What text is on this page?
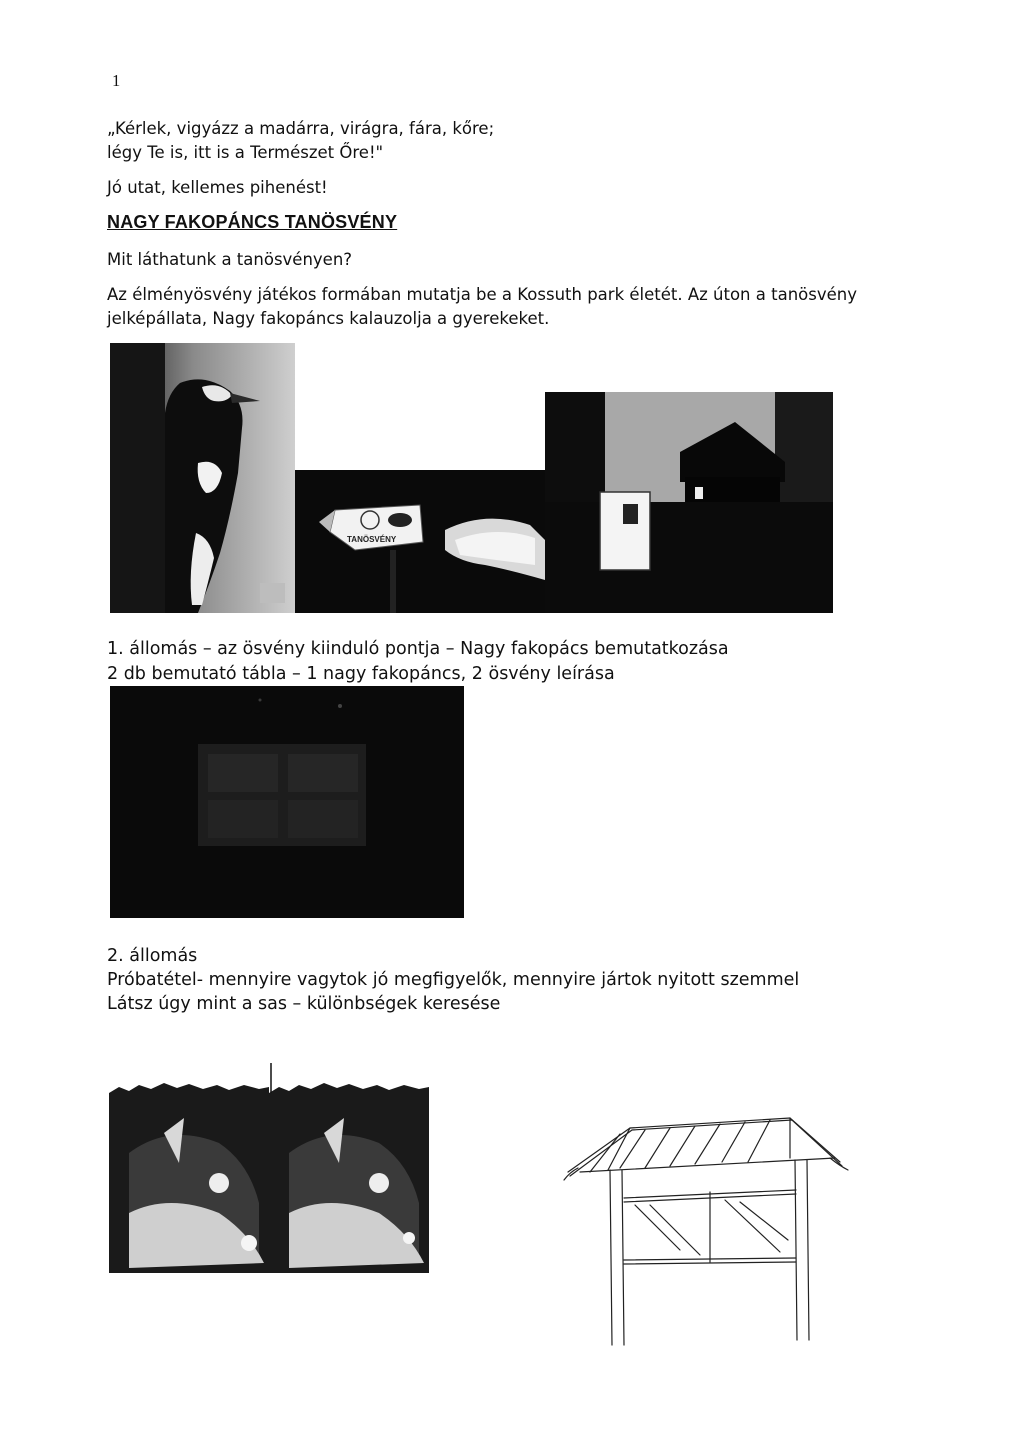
1

„Kérlek, vigyázz a madárra, virágra, fára, kőre;

légy Te is, itt is a Természet Őre!"

Jó utat, kellemes pihenést!

NAGY FAKOPÁNCS TANÖSVÉNY

Mit láthatunk a tanösvényen?

Az élményösvény játékos formában mutatja be a Kossuth park életét. Az úton a tanösvény

jelképállata, Nagy fakopáncs kalauzolja a gyerekeket.

TANÖSVÉNY

1. állomás – az ösvény kiinduló pontja – Nagy fakopács bemutatkozása

2 db bemutató tábla – 1 nagy fakopáncs, 2 ösvény leírása

2. állomás

Próbatétel- mennyire vagytok jó megfigyelők, mennyire jártok nyitott szemmel

Látsz úgy mint a sas – különbségek keresése
